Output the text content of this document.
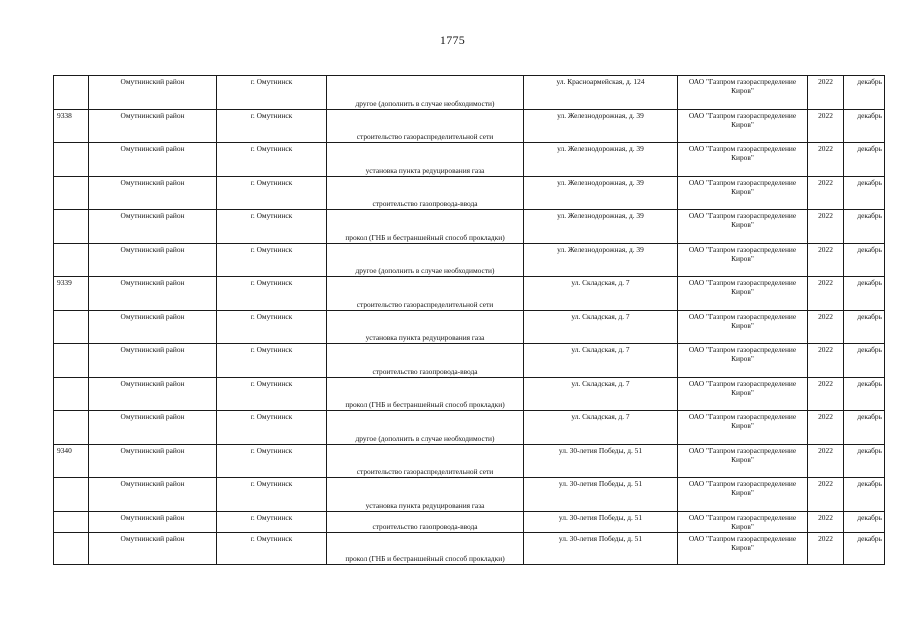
1775
	Омутнинский район	г. Омутнинск	другое (дополнить в случае необходимости)	ул. Красноармейская, д. 124	ОАО "Газпром газораспределение Киров"	2022	декабрь
9338	Омутнинский район	г. Омутнинск	строительство газораспределительной сети	ул. Железнодорожная, д. 39	ОАО "Газпром газораспределение Киров"	2022	декабрь
	Омутнинский район	г. Омутнинск	установка пункта редуцирования газа	ул. Железнодорожная, д. 39	ОАО "Газпром газораспределение Киров"	2022	декабрь
	Омутнинский район	г. Омутнинск	строительство газопровода-ввода	ул. Железнодорожная, д. 39	ОАО "Газпром газораспределение Киров"	2022	декабрь
	Омутнинский район	г. Омутнинск	прокол (ГНБ и бестраншейный способ прокладки)	ул. Железнодорожная, д. 39	ОАО "Газпром газораспределение Киров"	2022	декабрь
	Омутнинский район	г. Омутнинск	другое (дополнить в случае необходимости)	ул. Железнодорожная, д. 39	ОАО "Газпром газораспределение Киров"	2022	декабрь
9339	Омутнинский район	г. Омутнинск	строительство газораспределительной сети	ул. Складская, д. 7	ОАО "Газпром газораспределение Киров"	2022	декабрь
	Омутнинский район	г. Омутнинск	установка пункта редуцирования газа	ул. Складская, д. 7	ОАО "Газпром газораспределение Киров"	2022	декабрь
	Омутнинский район	г. Омутнинск	строительство газопровода-ввода	ул. Складская, д. 7	ОАО "Газпром газораспределение Киров"	2022	декабрь
	Омутнинский район	г. Омутнинск	прокол (ГНБ и бестраншейный способ прокладки)	ул. Складская, д. 7	ОАО "Газпром газораспределение Киров"	2022	декабрь
	Омутнинский район	г. Омутнинск	другое (дополнить в случае необходимости)	ул. Складская, д. 7	ОАО "Газпром газораспределение Киров"	2022	декабрь
9340	Омутнинский район	г. Омутнинск	строительство газораспределительной сети	ул. 30-летия Победы, д. 51	ОАО "Газпром газораспределение Киров"	2022	декабрь
	Омутнинский район	г. Омутнинск	установка пункта редуцирования газа	ул. 30-летия Победы, д. 51	ОАО "Газпром газораспределение Киров"	2022	декабрь
	Омутнинский район	г. Омутнинск	строительство газопровода-ввода	ул. 30-летия Победы, д. 51	ОАО "Газпром газораспределение Киров"	2022	декабрь
	Омутнинский район	г. Омутнинск	прокол (ГНБ и бестраншейный способ прокладки)	ул. 30-летия Победы, д. 51	ОАО "Газпром газораспределение Киров"	2022	декабрь
